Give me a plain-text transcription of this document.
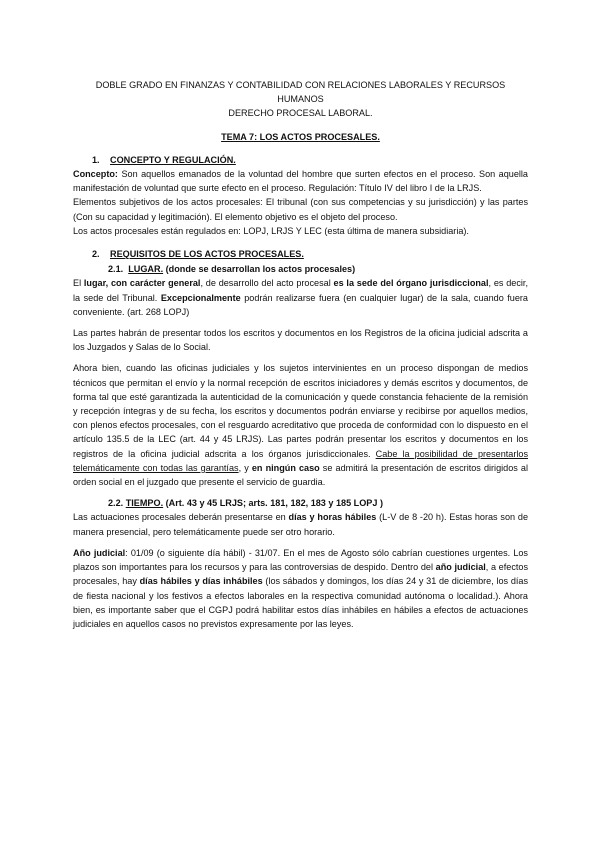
DOBLE GRADO EN FINANZAS Y CONTABILIDAD CON RELACIONES LABORALES Y RECURSOS HUMANOS

DERECHO PROCESAL LABORAL.

TEMA 7: LOS ACTOS PROCESALES.

1. CONCEPTO Y REGULACIÓN.

Concepto: Son aquellos emanados de la voluntad del hombre que surten efectos en el proceso. Son aquella manifestación de voluntad que surte efecto en el proceso. Regulación: Título IV del libro I de la LRJS.

Elementos subjetivos de los actos procesales: El tribunal (con sus competencias y su jurisdicción) y las partes (Con su capacidad y legitimación). El elemento objetivo es el objeto del proceso.

Los actos procesales están regulados en: LOPJ, LRJS Y LEC (esta última de manera subsidiaria).

2. REQUISITOS DE LOS ACTOS PROCESALES.
2.1. LUGAR. (donde se desarrollan los actos procesales)

El lugar, con carácter general, de desarrollo del acto procesal es la sede del órgano jurisdiccional, es decir, la sede del Tribunal. Excepcionalmente podrán realizarse fuera (en cualquier lugar) de la sala, cuando fuera conveniente. (art. 268 LOPJ)

Las partes habrán de presentar todos los escritos y documentos en los Registros de la oficina judicial adscrita a los Juzgados y Salas de lo Social.

Ahora bien, cuando las oficinas judiciales y los sujetos intervinientes en un proceso dispongan de medios técnicos que permitan el envío y la normal recepción de escritos iniciadores y demás escritos y documentos, de forma tal que esté garantizada la autenticidad de la comunicación y quede constancia fehaciente de la remisión y recepción íntegras y de su fecha, los escritos y documentos podrán enviarse y recibirse por aquellos medios, con plenos efectos procesales, con el resguardo acreditativo que proceda de conformidad con lo dispuesto en el artículo 135.5 de la LEC (art. 44 y 45 LRJS). Las partes podrán presentar los escritos y documentos en los registros de la oficina judicial adscrita a los órganos jurisdiccionales. Cabe la posibilidad de presentarlos telemáticamente con todas las garantías, y en ningún caso se admitirá la presentación de escritos dirigidos al orden social en el juzgado que presente el servicio de guardia.

2.2. TIEMPO. (Art. 43 y 45 LRJS; arts. 181, 182, 183 y 185 LOPJ )

Las actuaciones procesales deberán presentarse en días y horas hábiles (L-V de 8 -20 h). Estas horas son de manera presencial, pero telemáticamente puede ser otro horario.

Año judicial: 01/09 (o siguiente día hábil) - 31/07. En el mes de Agosto sólo cabrían cuestiones urgentes. Los plazos son importantes para los recursos y para las controversias de despido. Dentro del año judicial, a efectos procesales, hay días hábiles y días inhábiles (los sábados y domingos, los días 24 y 31 de diciembre, los días de fiesta nacional y los festivos a efectos laborales en la respectiva comunidad autónoma o localidad.). Ahora bien, es importante saber que el CGPJ podrá habilitar estos días inhábiles en hábiles a efectos de actuaciones judiciales en aquellos casos no previstos expresamente por las leyes.
